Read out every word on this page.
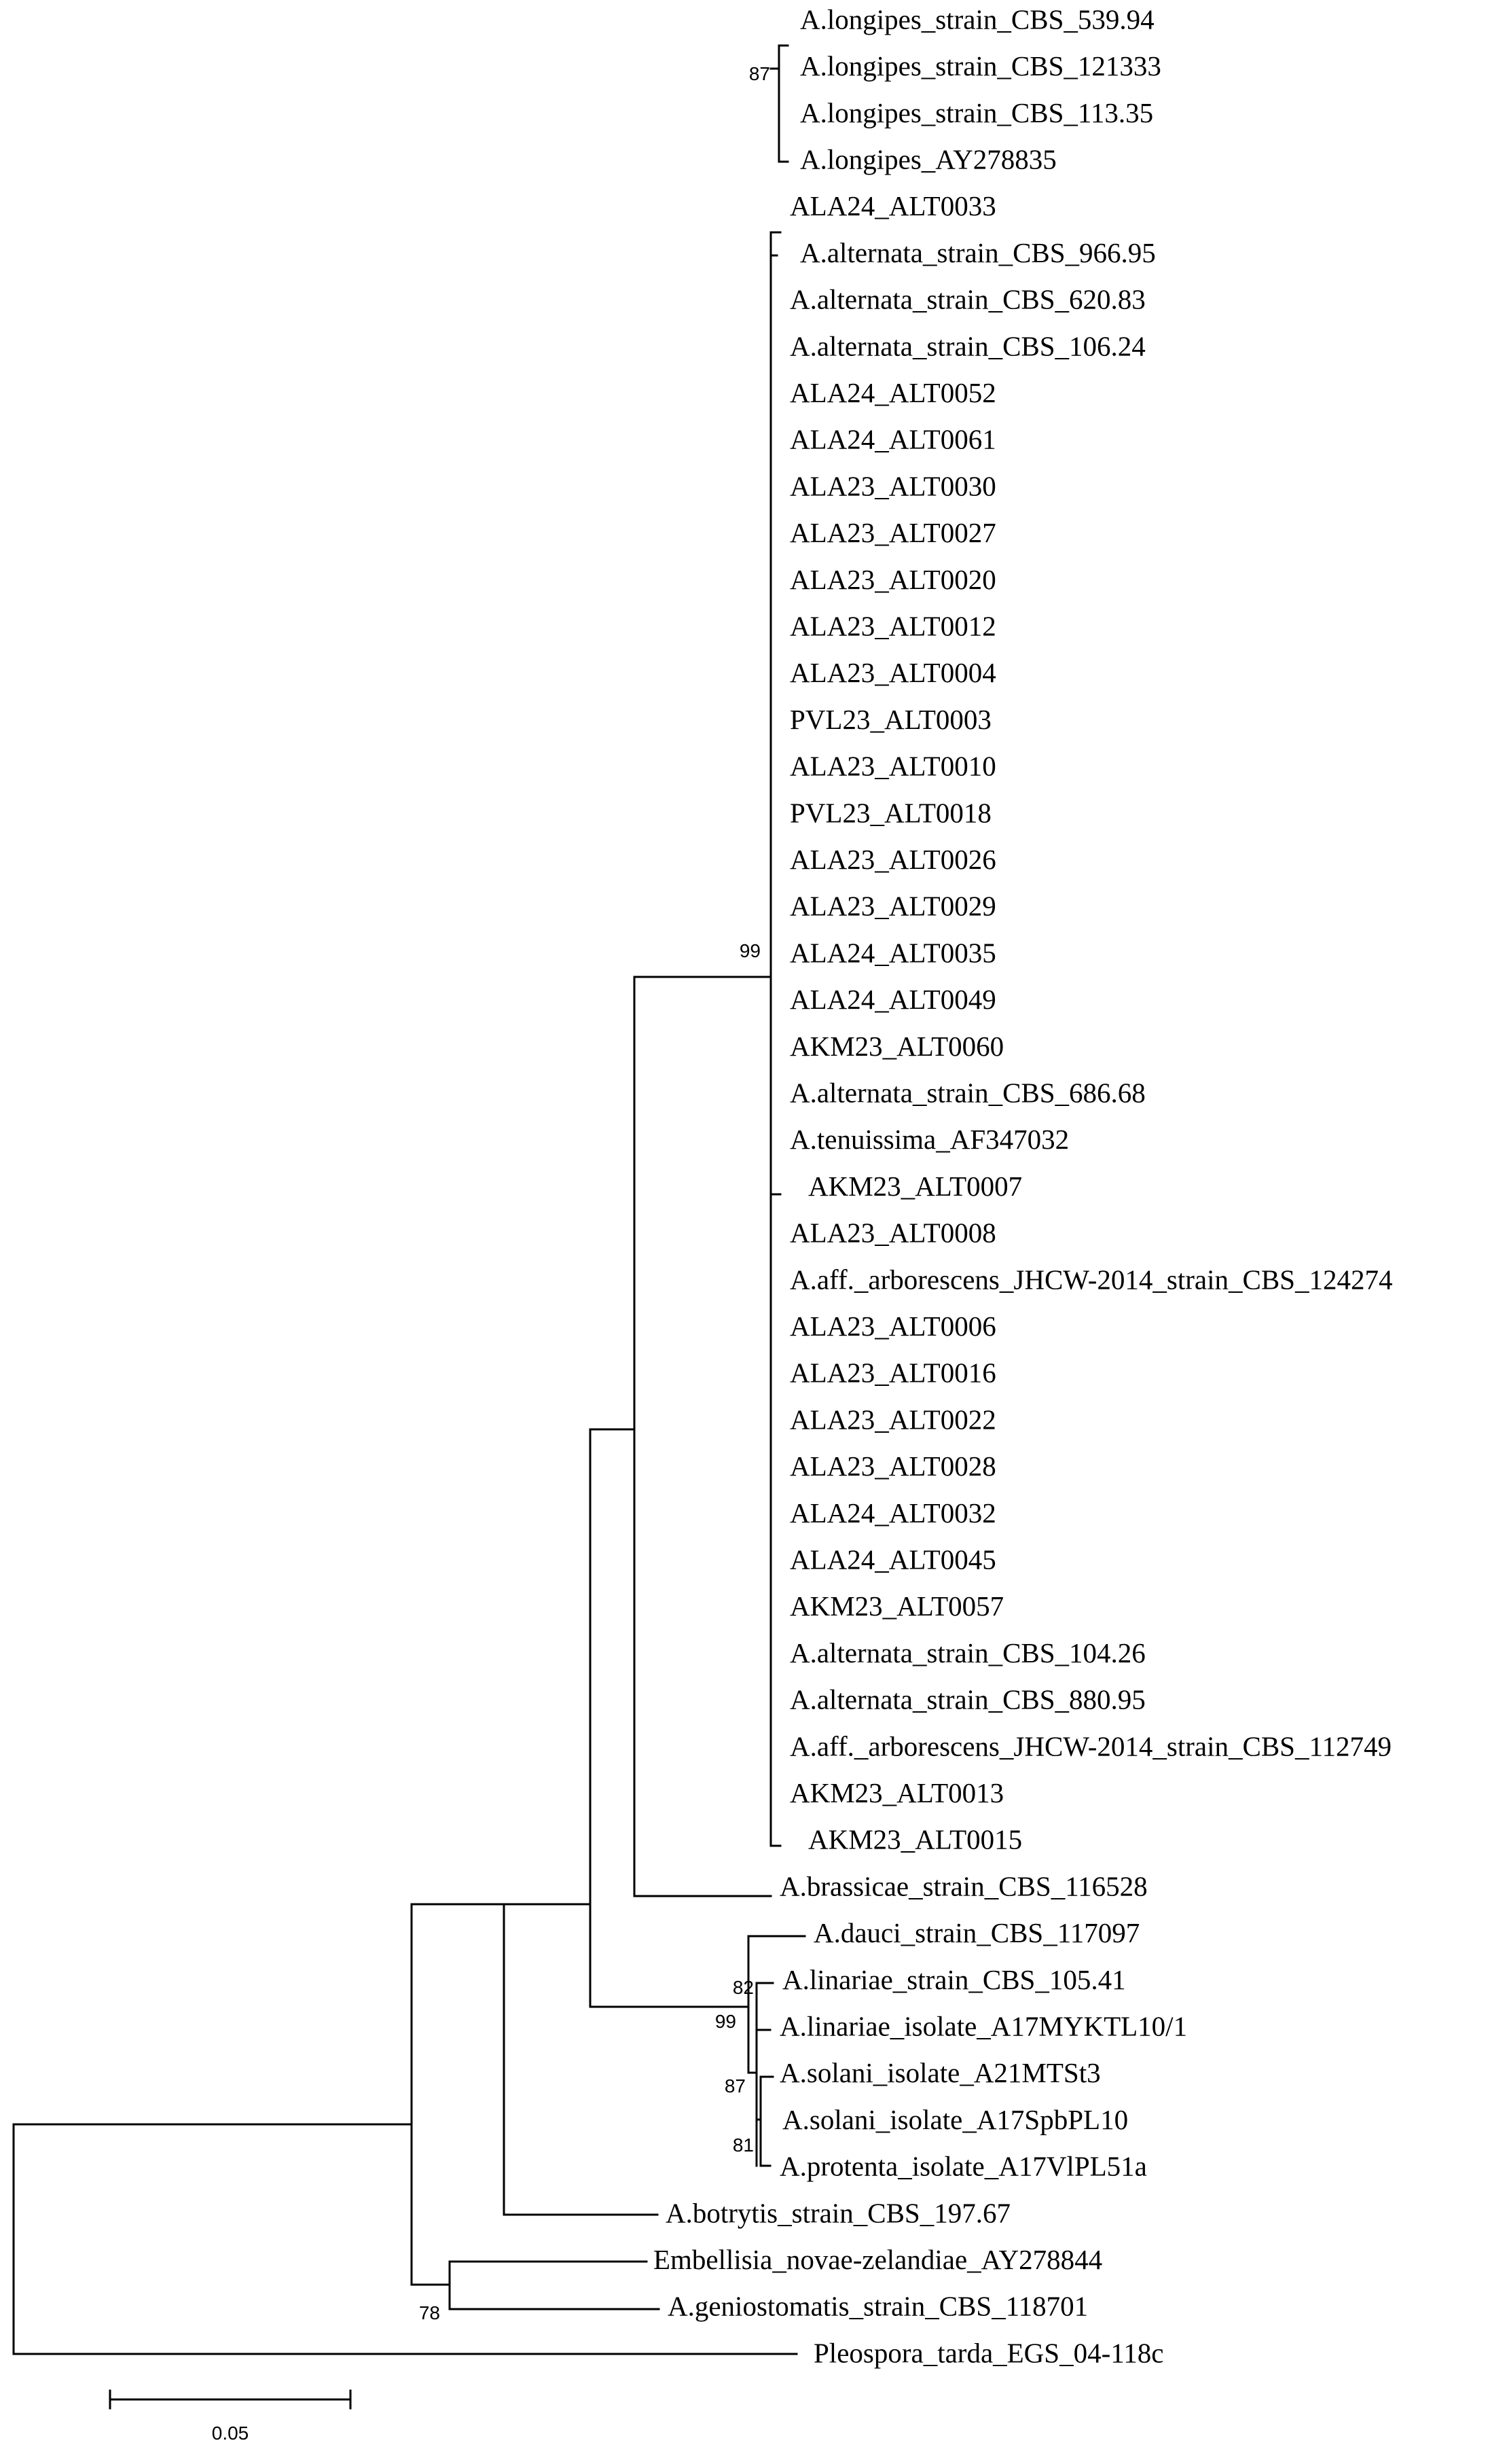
A.longipes_strain_CBS_539.94
A.longipes_strain_CBS_121333
A.longipes_strain_CBS_113.35
A.longipes_AY278835
ALA24_ALT0033
A.alternata_strain_CBS_966.95
A.alternata_strain_CBS_620.83
A.alternata_strain_CBS_106.24
ALA24_ALT0052
ALA24_ALT0061
ALA23_ALT0030
ALA23_ALT0027
ALA23_ALT0020
ALA23_ALT0012
ALA23_ALT0004
PVL23_ALT0003
ALA23_ALT0010
PVL23_ALT0018
ALA23_ALT0026
ALA23_ALT0029
ALA24_ALT0035
ALA24_ALT0049
AKM23_ALT0060
A.alternata_strain_CBS_686.68
A.tenuissima_AF347032
AKM23_ALT0007
ALA23_ALT0008
A.aff._arborescens_JHCW-2014_strain_CBS_124274
ALA23_ALT0006
ALA23_ALT0016
ALA23_ALT0022
ALA23_ALT0028
ALA24_ALT0032
ALA24_ALT0045
AKM23_ALT0057
A.alternata_strain_CBS_104.26
A.alternata_strain_CBS_880.95
A.aff._arborescens_JHCW-2014_strain_CBS_112749
AKM23_ALT0013
AKM23_ALT0015
A.brassicae_strain_CBS_116528
A.dauci_strain_CBS_117097
A.linariae_strain_CBS_105.41
A.linariae_isolate_A17MYKTL10/1
A.solani_isolate_A21MTSt3
A.solani_isolate_A17SpbPL10
A.protenta_isolate_A17VlPL51a
A.botrytis_strain_CBS_197.67
Embellisia_novae-zelandiae_AY278844
A.geniostomatis_strain_CBS_118701
Pleospora_tarda_EGS_04-118c
87
99
82
99
87
81
78
0.05
